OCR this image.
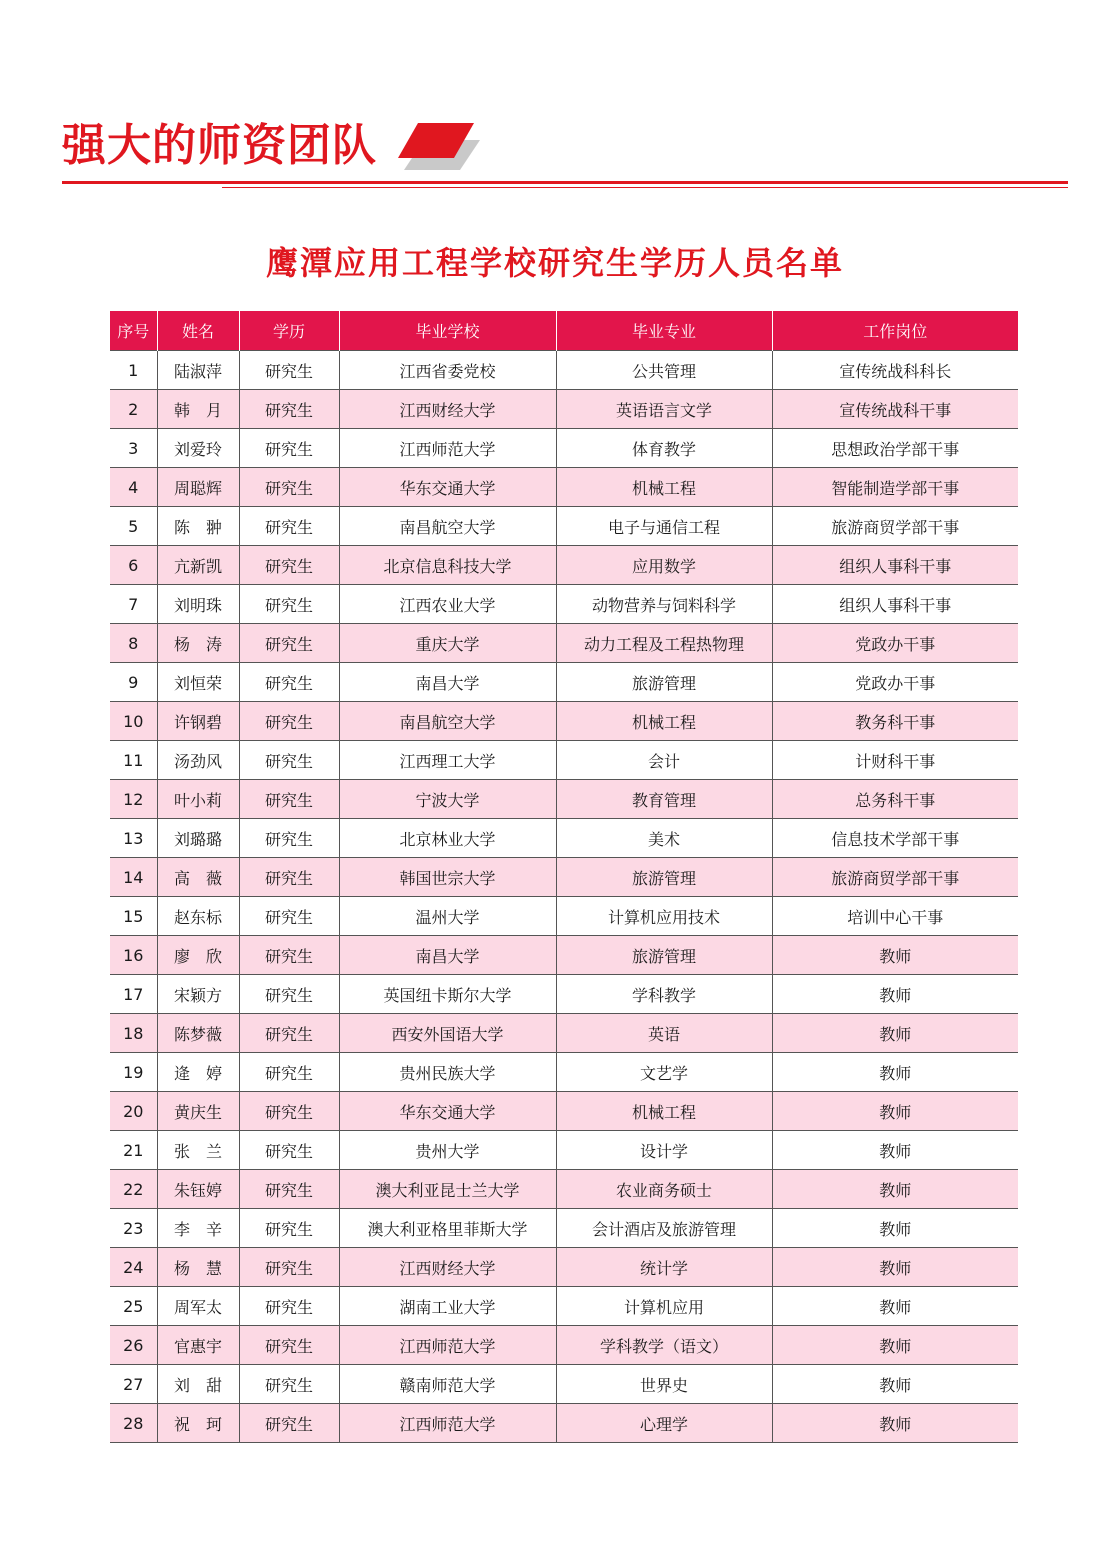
强大的师资团队
鹰潭应用工程学校研究生学历人员名单
序号	姓名	学历	毕业学校	毕业专业	工作岗位
1	陆淑萍	研究生	江西省委党校	公共管理	宣传统战科科长
2	韩　月	研究生	江西财经大学	英语语言文学	宣传统战科干事
3	刘爱玲	研究生	江西师范大学	体育教学	思想政治学部干事
4	周聪辉	研究生	华东交通大学	机械工程	智能制造学部干事
5	陈　翀	研究生	南昌航空大学	电子与通信工程	旅游商贸学部干事
6	亢新凯	研究生	北京信息科技大学	应用数学	组织人事科干事
7	刘明珠	研究生	江西农业大学	动物营养与饲料科学	组织人事科干事
8	杨　涛	研究生	重庆大学	动力工程及工程热物理	党政办干事
9	刘恒荣	研究生	南昌大学	旅游管理	党政办干事
10	许钢碧	研究生	南昌航空大学	机械工程	教务科干事
11	汤劲风	研究生	江西理工大学	会计	计财科干事
12	叶小莉	研究生	宁波大学	教育管理	总务科干事
13	刘璐璐	研究生	北京林业大学	美术	信息技术学部干事
14	高　薇	研究生	韩国世宗大学	旅游管理	旅游商贸学部干事
15	赵东标	研究生	温州大学	计算机应用技术	培训中心干事
16	廖　欣	研究生	南昌大学	旅游管理	教师
17	宋颖方	研究生	英国纽卡斯尔大学	学科教学	教师
18	陈梦薇	研究生	西安外国语大学	英语	教师
19	逄　婷	研究生	贵州民族大学	文艺学	教师
20	黄庆生	研究生	华东交通大学	机械工程	教师
21	张　兰	研究生	贵州大学	设计学	教师
22	朱钰婷	研究生	澳大利亚昆士兰大学	农业商务硕士	教师
23	李　辛	研究生	澳大利亚格里菲斯大学	会计酒店及旅游管理	教师
24	杨　慧	研究生	江西财经大学	统计学	教师
25	周军太	研究生	湖南工业大学	计算机应用	教师
26	官惠宇	研究生	江西师范大学	学科教学（语文）	教师
27	刘　甜	研究生	赣南师范大学	世界史	教师
28	祝　珂	研究生	江西师范大学	心理学	教师
